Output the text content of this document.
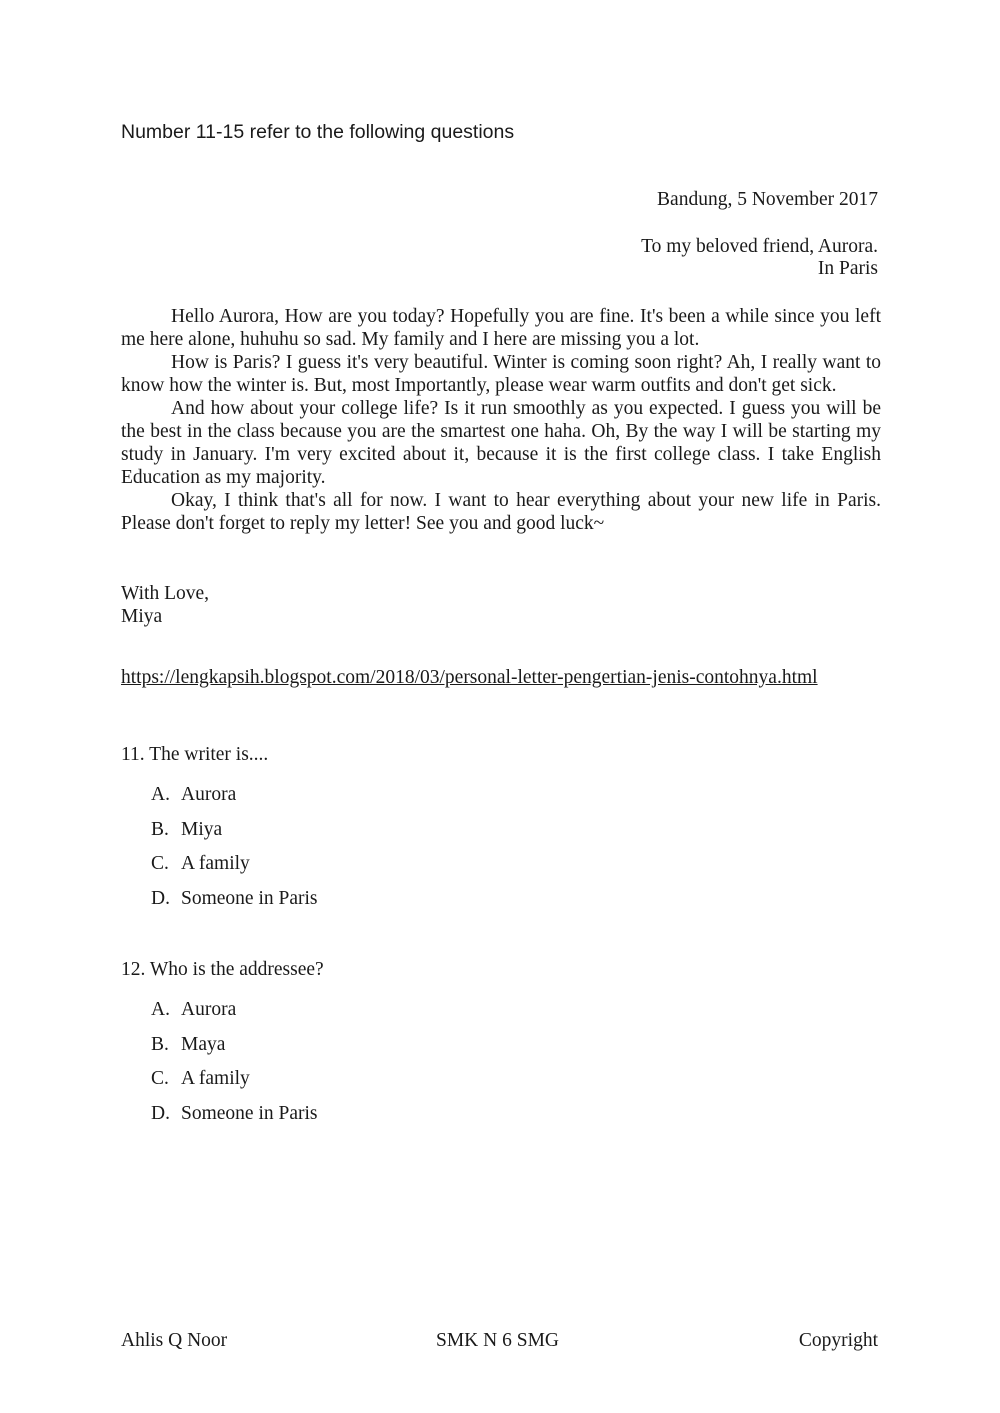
Number 11-15 refer to the following questions

Bandung, 5 November 2017

To my beloved friend, Aurora.

In Paris

Hello Aurora, How are you today? Hopefully you are fine. It's been a while since you left me here alone, huhuhu so sad. My family and I here are missing you a lot.

How is Paris? I guess it's very beautiful. Winter is coming soon right? Ah, I really want to know how the winter is. But, most Importantly, please wear warm outfits and don't get sick.

And how about your college life? Is it run smoothly as you expected. I guess you will be the best in the class because you are the smartest one haha. Oh, By the way I will be starting my study in January. I'm very excited about it, because it is the first college class. I take English Education as my majority.

Okay, I think that's all for now. I want to hear everything about your new life in Paris. Please don't forget to reply my letter! See you and good luck~

With Love,
Miya
https://lengkapsih.blogspot.com/2018/03/personal-letter-pengertian-jenis-contohnya.html

11. The writer is....

A. Aurora
B. Miya
C. A family
D. Someone in Paris

12. Who is the addressee?

A. Aurora
B. Maya
C. A family
D. Someone in Paris
Ahlis Q Noor	SMK N 6 SMG	Copyright
